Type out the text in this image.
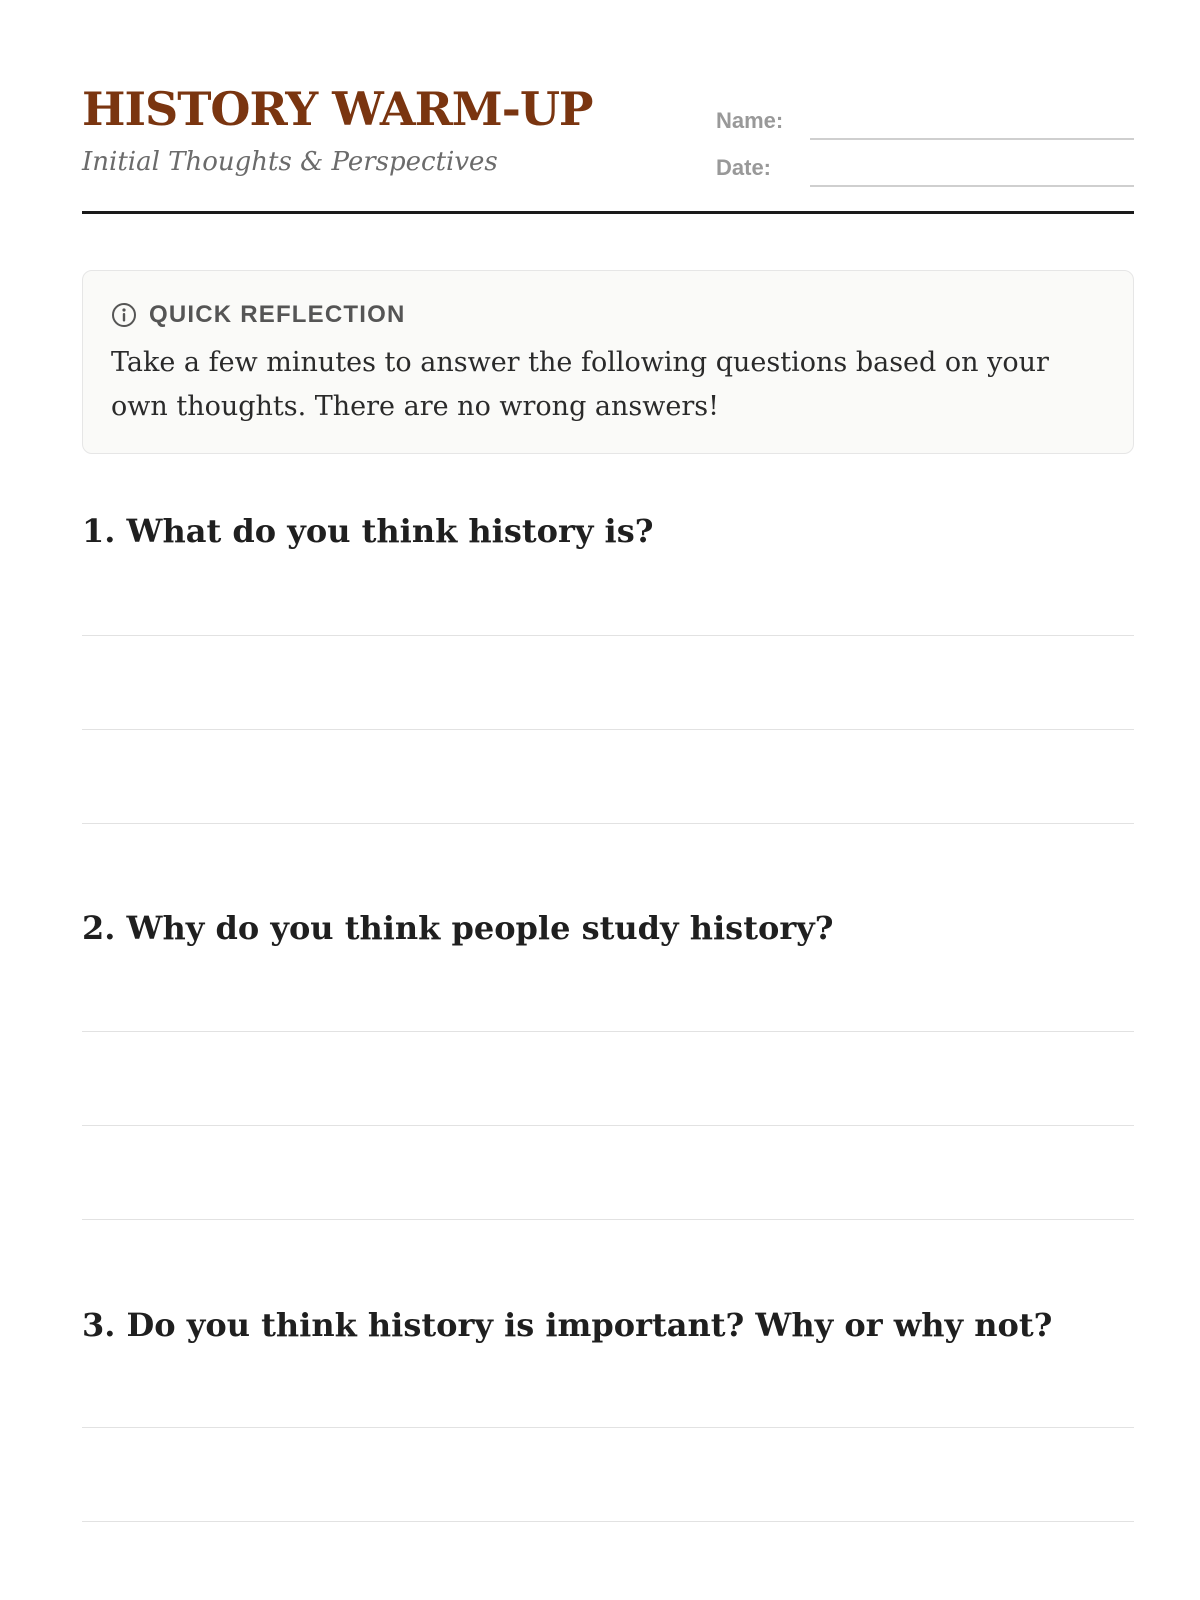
HISTORY WARM-UP

Initial Thoughts & Perspectives

Name:
Date:
QUICK REFLECTION

Take a few minutes to answer the following questions based on your own thoughts. There are no wrong answers!

1. What do you think history is?
2. Why do you think people study history?
3. Do you think history is important? Why or why not?
